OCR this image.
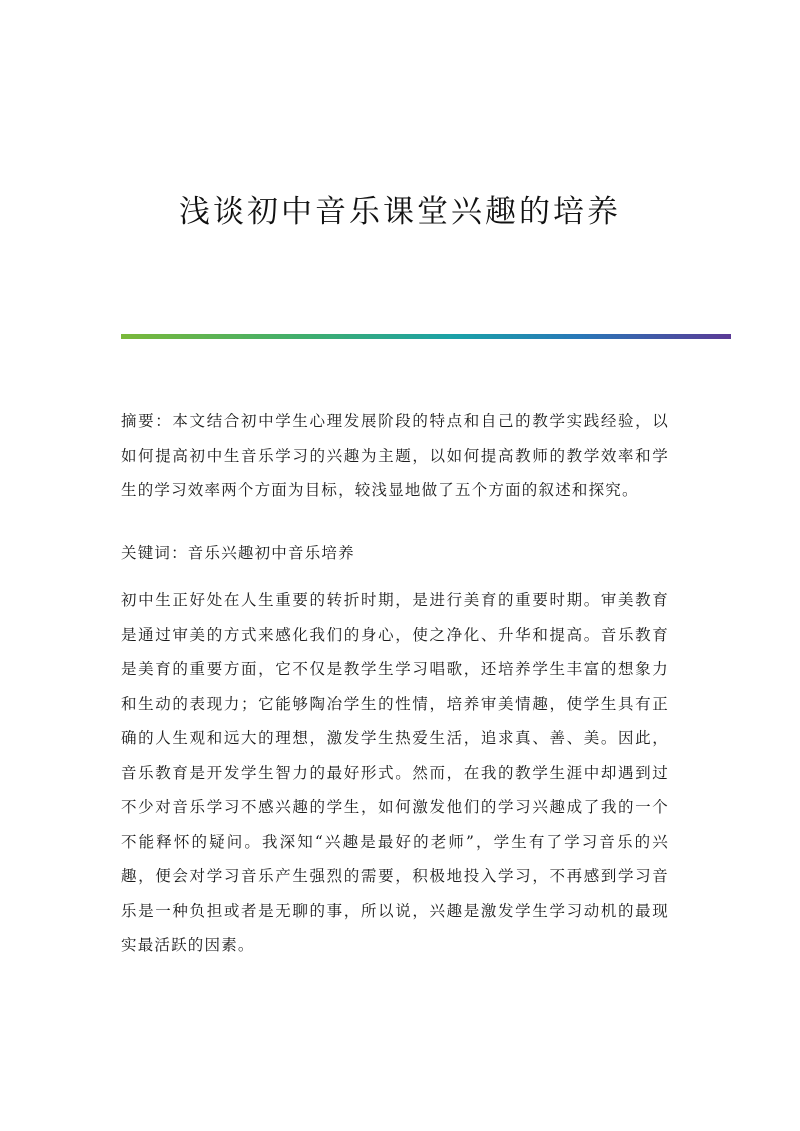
浅谈初中音乐课堂兴趣的培养

摘要：本文结合初中学生心理发展阶段的特点和自己的教学实践经验，以如何提高初中生音乐学习的兴趣为主题，以如何提高教师的教学效率和学生的学习效率两个方面为目标，较浅显地做了五个方面的叙述和探究。

关键词：音乐兴趣初中音乐培养

初中生正好处在人生重要的转折时期，是进行美育的重要时期。审美教育是通过审美的方式来感化我们的身心，使之净化、升华和提高。音乐教育是美育的重要方面，它不仅是教学生学习唱歌，还培养学生丰富的想象力和生动的表现力；它能够陶冶学生的性情，培养审美情趣，使学生具有正确的人生观和远大的理想，激发学生热爱生活，追求真、善、美。因此，音乐教育是开发学生智力的最好形式。然而，在我的教学生涯中却遇到过不少对音乐学习不感兴趣的学生，如何激发他们的学习兴趣成了我的一个不能释怀的疑问。我深知“兴趣是最好的老师”，学生有了学习音乐的兴趣，便会对学习音乐产生强烈的需要，积极地投入学习，不再感到学习音乐是一种负担或者是无聊的事，所以说，兴趣是激发学生学习动机的最现实最活跃的因素。
